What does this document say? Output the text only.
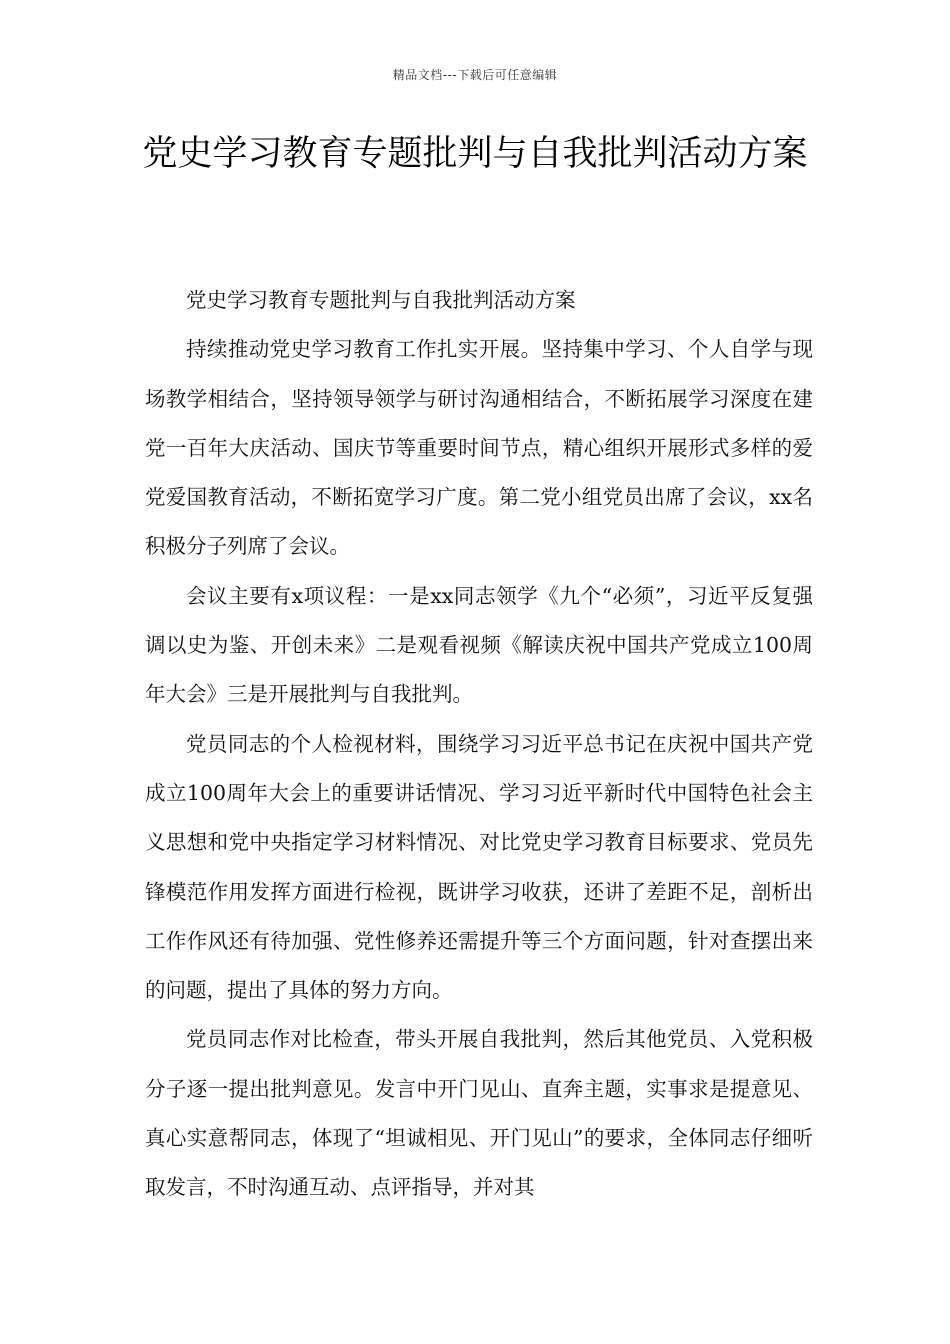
精品文档---下载后可任意编辑
党史学习教育专题批判与自我批判活动方案

党史学习教育专题批判与自我批判活动方案

持续推动党史学习教育工作扎实开展。坚持集中学习、个人自学与现场教学相结合，坚持领导领学与研讨沟通相结合，不断拓展学习深度在建党一百年大庆活动、国庆节等重要时间节点，精心组织开展形式多样的爱党爱国教育活动，不断拓宽学习广度。第二党小组党员出席了会议，xx名积极分子列席了会议。

会议主要有x项议程：一是xx同志领学《九个“必须”，习近平反复强调以史为鉴、开创未来》二是观看视频《解读庆祝中国共产党成立100周年大会》三是开展批判与自我批判。

党员同志的个人检视材料，围绕学习习近平总书记在庆祝中国共产党成立100周年大会上的重要讲话情况、学习习近平新时代中国特色社会主义思想和党中央指定学习材料情况、对比党史学习教育目标要求、党员先锋模范作用发挥方面进行检视，既讲学习收获，还讲了差距不足，剖析出工作作风还有待加强、党性修养还需提升等三个方面问题，针对查摆出来的问题，提出了具体的努力方向。

党员同志作对比检查，带头开展自我批判，然后其他党员、入党积极分子逐一提出批判意见。发言中开门见山、直奔主题，实事求是提意见、真心实意帮同志，体现了“坦诚相见、开门见山”的要求，全体同志仔细听取发言，不时沟通互动、点评指导，并对其
